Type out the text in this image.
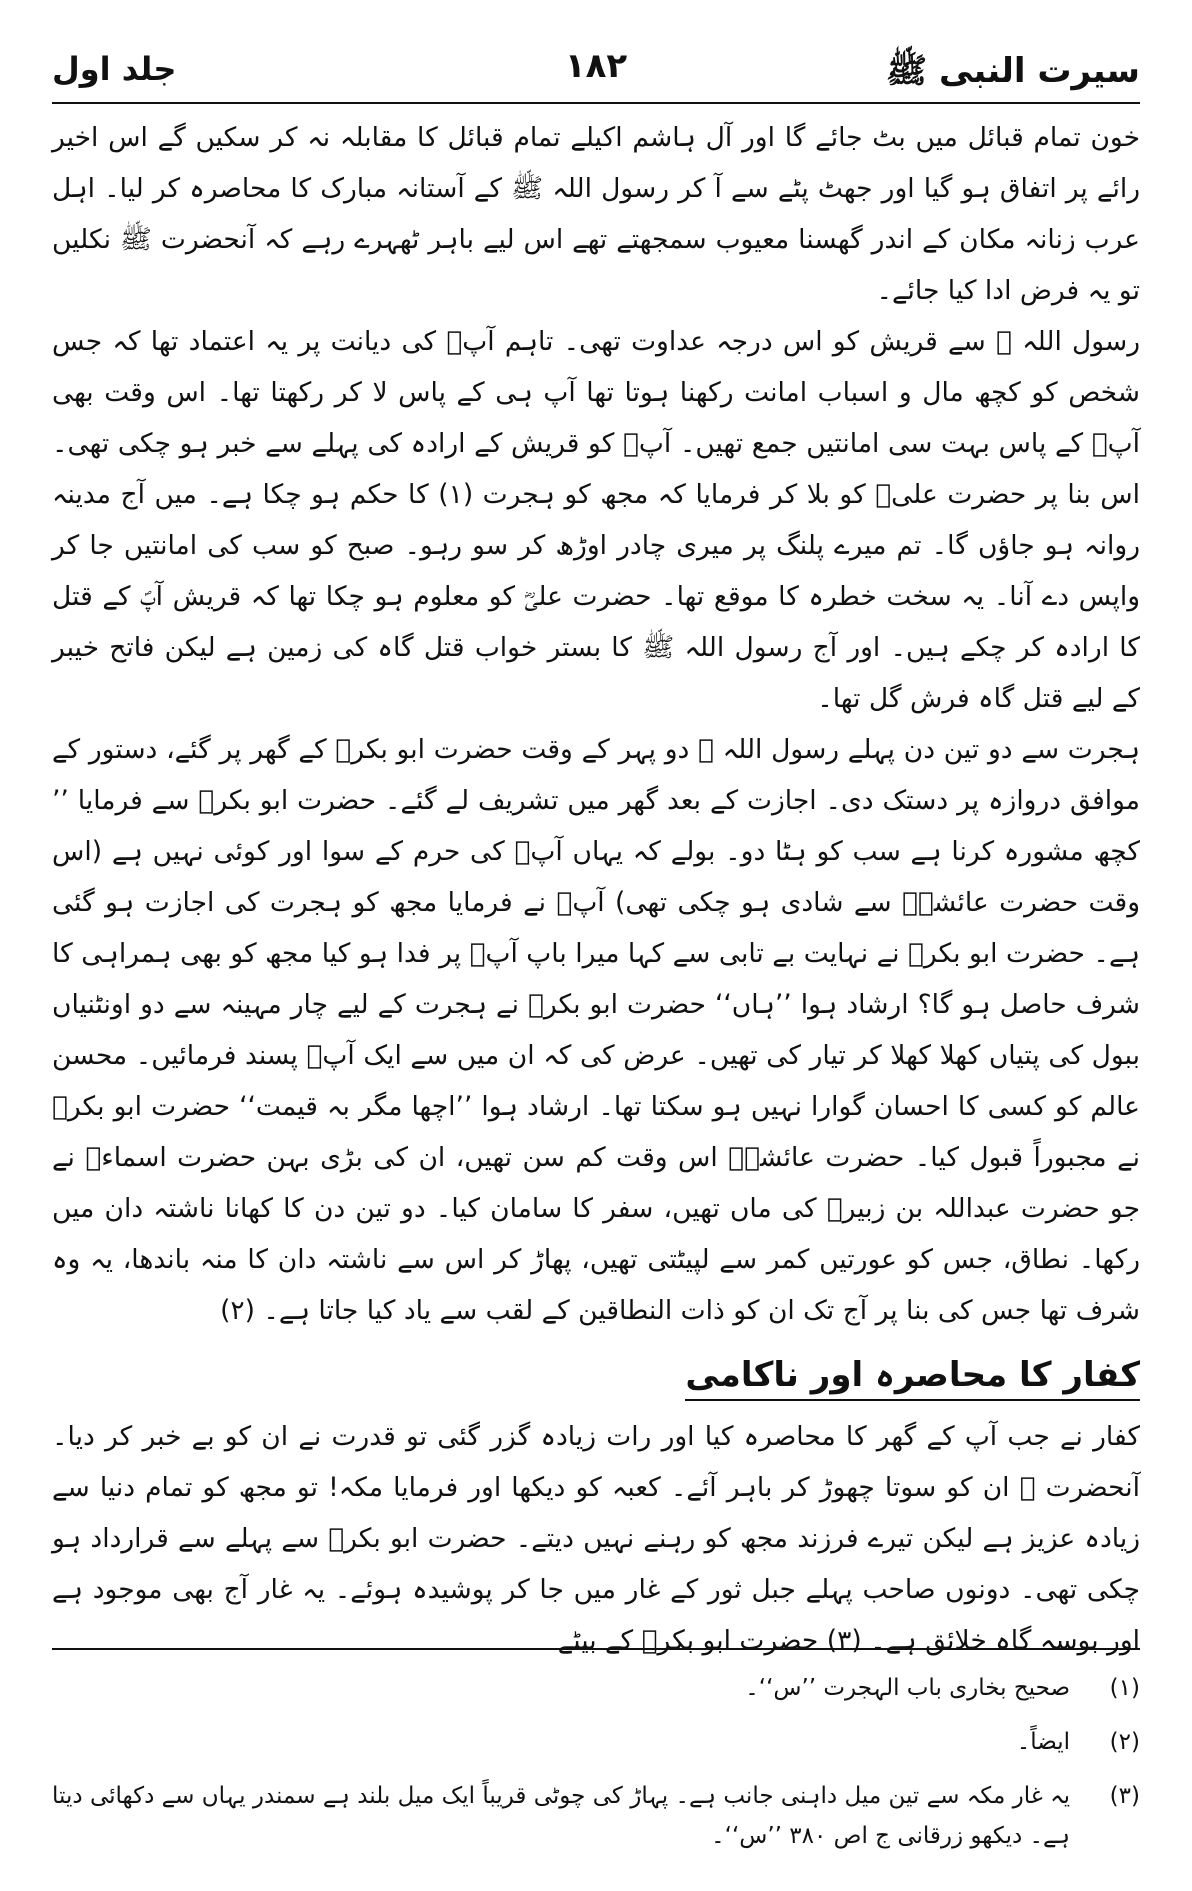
سیرت النبی ﷺ
۱۸۲
جلد اول

خون تمام قبائل میں بٹ جائے گا اور آل ہاشم اکیلے تمام قبائل کا مقابلہ نہ کر سکیں گے اس اخیر رائے پر اتفاق ہو گیا اور جھٹ پٹے سے آ کر رسول اللہ ﷺ کے آستانہ مبارک کا محاصرہ کر لیا۔ اہل عرب زنانہ مکان کے اندر گھسنا معیوب سمجھتے تھے اس لیے باہر ٹھہرے رہے کہ آنحضرت ﷺ نکلیں تو یہ فرض ادا کیا جائے۔

رسول اللہ ﷺ سے قریش کو اس درجہ عداوت تھی۔ تاہم آپؐ کی دیانت پر یہ اعتماد تھا کہ جس شخص کو کچھ مال و اسباب امانت رکھنا ہوتا تھا آپ ہی کے پاس لا کر رکھتا تھا۔ اس وقت بھی آپؐ کے پاس بہت سی امانتیں جمع تھیں۔ آپؐ کو قریش کے ارادہ کی پہلے سے خبر ہو چکی تھی۔ اس بنا پر حضرت علیؓ کو بلا کر فرمایا کہ مجھ کو ہجرت (۱) کا حکم ہو چکا ہے۔ میں آج مدینہ روانہ ہو جاؤں گا۔ تم میرے پلنگ پر میری چادر اوڑھ کر سو رہو۔ صبح کو سب کی امانتیں جا کر واپس دے آنا۔ یہ سخت خطرہ کا موقع تھا۔ حضرت علیؓ کو معلوم ہو چکا تھا کہ قریش آپؐ کے قتل کا ارادہ کر چکے ہیں۔ اور آج رسول اللہ ﷺ کا بستر خواب قتل گاہ کی زمین ہے لیکن فاتح خیبر کے لیے قتل گاہ فرش گل تھا۔

ہجرت سے دو تین دن پہلے رسول اللہ ﷺ دو پہر کے وقت حضرت ابو بکرؓ کے گھر پر گئے، دستور کے موافق دروازہ پر دستک دی۔ اجازت کے بعد گھر میں تشریف لے گئے۔ حضرت ابو بکرؓ سے فرمایا ’’ کچھ مشورہ کرنا ہے سب کو ہٹا دو۔ بولے کہ یہاں آپؐ کی حرم کے سوا اور کوئی نہیں ہے (اس وقت حضرت عائشہؓ سے شادی ہو چکی تھی) آپؐ نے فرمایا مجھ کو ہجرت کی اجازت ہو گئی ہے۔ حضرت ابو بکرؓ نے نہایت بے تابی سے کہا میرا باپ آپؐ پر فدا ہو کیا مجھ کو بھی ہمراہی کا شرف حاصل ہو گا؟ ارشاد ہوا ’’ہاں‘‘ حضرت ابو بکرؓ نے ہجرت کے لیے چار مہینہ سے دو اونٹنیاں ببول کی پتیاں کھلا کھلا کر تیار کی تھیں۔ عرض کی کہ ان میں سے ایک آپؐ پسند فرمائیں۔ محسن عالم کو کسی کا احسان گوارا نہیں ہو سکتا تھا۔ ارشاد ہوا ’’اچھا مگر بہ قیمت‘‘ حضرت ابو بکرؓ نے مجبوراً قبول کیا۔ حضرت عائشہؓ اس وقت کم سن تھیں، ان کی بڑی بہن حضرت اسماءؓ نے جو حضرت عبداللہ بن زبیرؓ کی ماں تھیں، سفر کا سامان کیا۔ دو تین دن کا کھانا ناشتہ دان میں رکھا۔ نطاق، جس کو عورتیں کمر سے لپیٹتی تھیں، پھاڑ کر اس سے ناشتہ دان کا منہ باندھا، یہ وہ شرف تھا جس کی بنا پر آج تک ان کو ذات النطاقین کے لقب سے یاد کیا جاتا ہے۔ (۲)

کفار کا محاصرہ اور ناکامی

کفار نے جب آپ کے گھر کا محاصرہ کیا اور رات زیادہ گزر گئی تو قدرت نے ان کو بے خبر کر دیا۔ آنحضرت ﷺ ان کو سوتا چھوڑ کر باہر آئے۔ کعبہ کو دیکھا اور فرمایا مکہ! تو مجھ کو تمام دنیا سے زیادہ عزیز ہے لیکن تیرے فرزند مجھ کو رہنے نہیں دیتے۔ حضرت ابو بکرؓ سے پہلے سے قرارداد ہو چکی تھی۔ دونوں صاحب پہلے جبل ثور کے غار میں جا کر پوشیدہ ہوئے۔ یہ غار آج بھی موجود ہے اور بوسہ گاہ خلائق ہے۔ (۳) حضرت ابو بکرؓ کے بیٹے

(۱)
صحیح بخاری باب الہجرت ’’س‘‘۔
(۲)
ایضاً۔
(۳)
یہ غار مکہ سے تین میل داہنی جانب ہے۔ پہاڑ کی چوٹی قریباً ایک میل بلند ہے سمندر یہاں سے دکھائی دیتا ہے۔ دیکھو زرقانی ج اص ۳۸۰ ’’س‘‘۔
